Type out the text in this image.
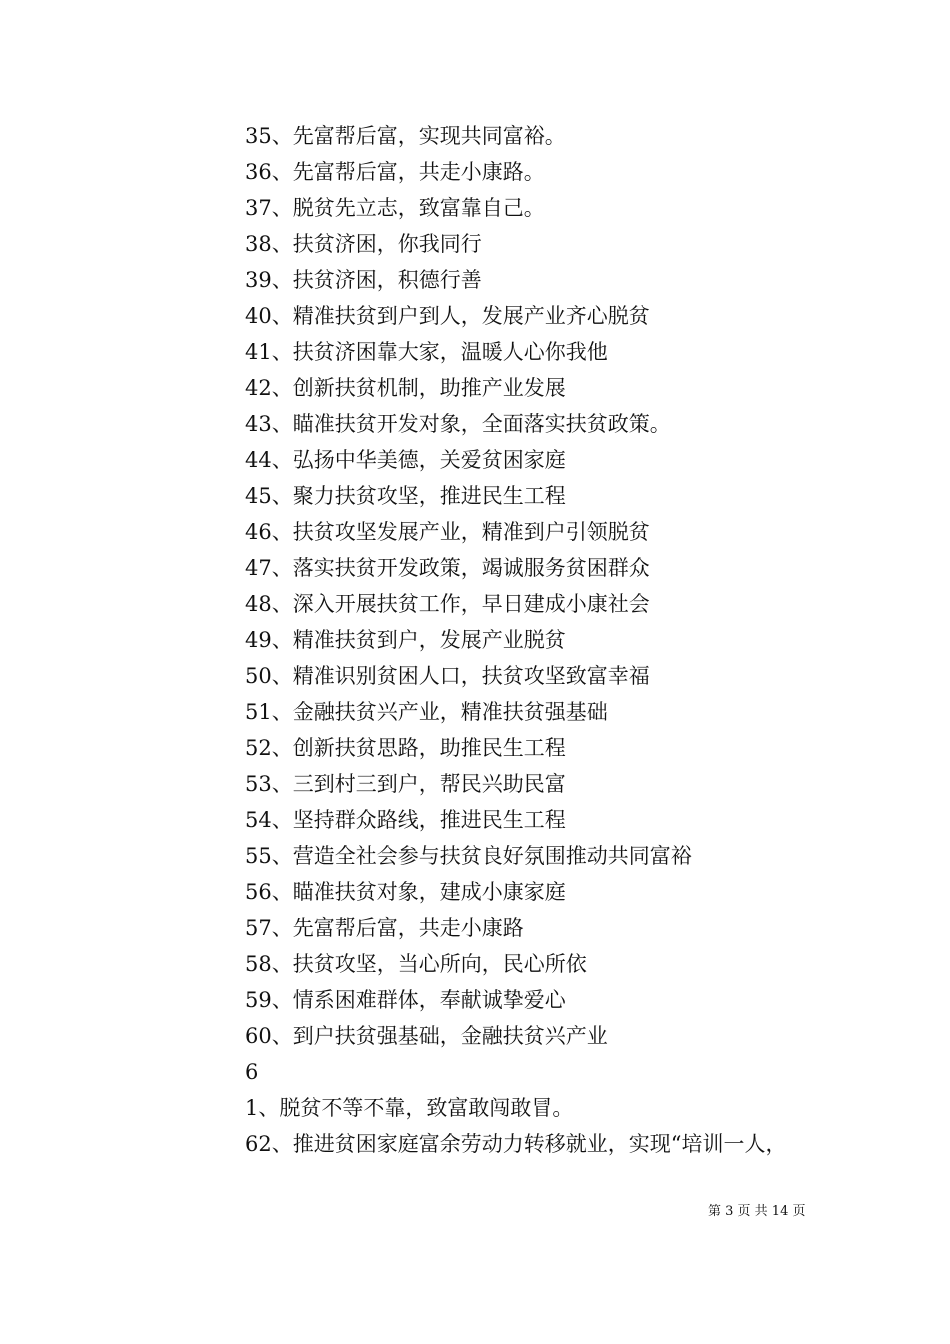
35、先富帮后富，实现共同富裕。
36、先富帮后富，共走小康路。
37、脱贫先立志，致富靠自己。
38、扶贫济困，你我同行
39、扶贫济困，积德行善
40、精准扶贫到户到人，发展产业齐心脱贫
41、扶贫济困靠大家，温暖人心你我他
42、创新扶贫机制，助推产业发展
43、瞄准扶贫开发对象，全面落实扶贫政策。
44、弘扬中华美德，关爱贫困家庭
45、聚力扶贫攻坚，推进民生工程
46、扶贫攻坚发展产业，精准到户引领脱贫
47、落实扶贫开发政策，竭诚服务贫困群众
48、深入开展扶贫工作，早日建成小康社会
49、精准扶贫到户，发展产业脱贫
50、精准识别贫困人口，扶贫攻坚致富幸福
51、金融扶贫兴产业，精准扶贫强基础
52、创新扶贫思路，助推民生工程
53、三到村三到户，帮民兴助民富
54、坚持群众路线，推进民生工程
55、营造全社会参与扶贫良好氛围推动共同富裕
56、瞄准扶贫对象，建成小康家庭
57、先富帮后富，共走小康路
58、扶贫攻坚，当心所向，民心所依
59、情系困难群体，奉献诚挚爱心
60、到户扶贫强基础，金融扶贫兴产业
6
1、脱贫不等不靠，致富敢闯敢冒。
62、推进贫困家庭富余劳动力转移就业，实现“培训一人，
第 3 页 共 14 页
